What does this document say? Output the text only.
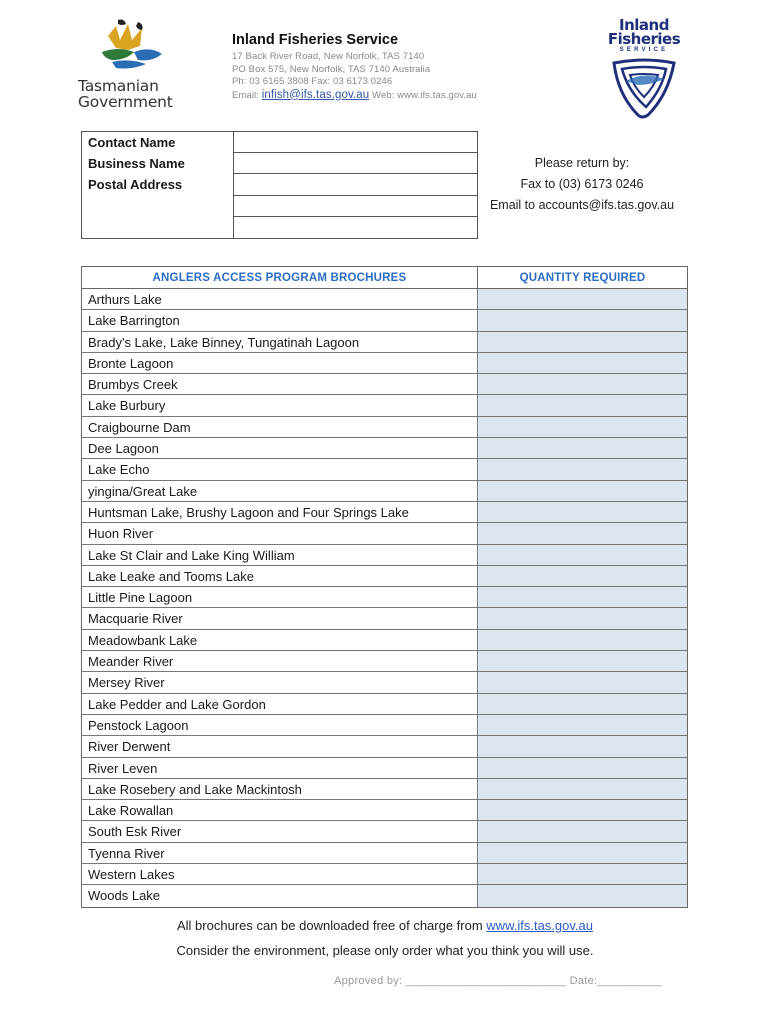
Tasmanian
Government
Inland Fisheries Service
17 Back River Road, New Norfolk, TAS 7140
PO Box 575, New Norfolk, TAS 7140 Australia
Ph: 03 6165 3808 Fax: 03 6173 0246
Email: infish@ifs.tas.gov.au Web: www.ifs.tas.gov.au
Inland
Fisheries
SERVICE
Contact Name
Business Name
Postal Address
Please return by:
Fax to (03) 6173 0246
Email to accounts@ifs.tas.gov.au
ANGLERS ACCESS PROGRAM BROCHURES	QUANTITY REQUIRED
Arthurs Lake
Lake Barrington
Brady's Lake, Lake Binney, Tungatinah Lagoon
Bronte Lagoon
Brumbys Creek
Lake Burbury
Craigbourne Dam
Dee Lagoon
Lake Echo
yingina/Great Lake
Huntsman Lake, Brushy Lagoon and Four Springs Lake
Huon River
Lake St Clair and Lake King William
Lake Leake and Tooms Lake
Little Pine Lagoon
Macquarie River
Meadowbank Lake
Meander River
Mersey River
Lake Pedder and Lake Gordon
Penstock Lagoon
River Derwent
River Leven
Lake Rosebery and Lake Mackintosh
Lake Rowallan
South Esk River
Tyenna River
Western Lakes
Woods Lake
All brochures can be downloaded free of charge from www.ifs.tas.gov.au
Consider the environment, please only order what you think you will use.
Approved by: _________________________ Date:__________
